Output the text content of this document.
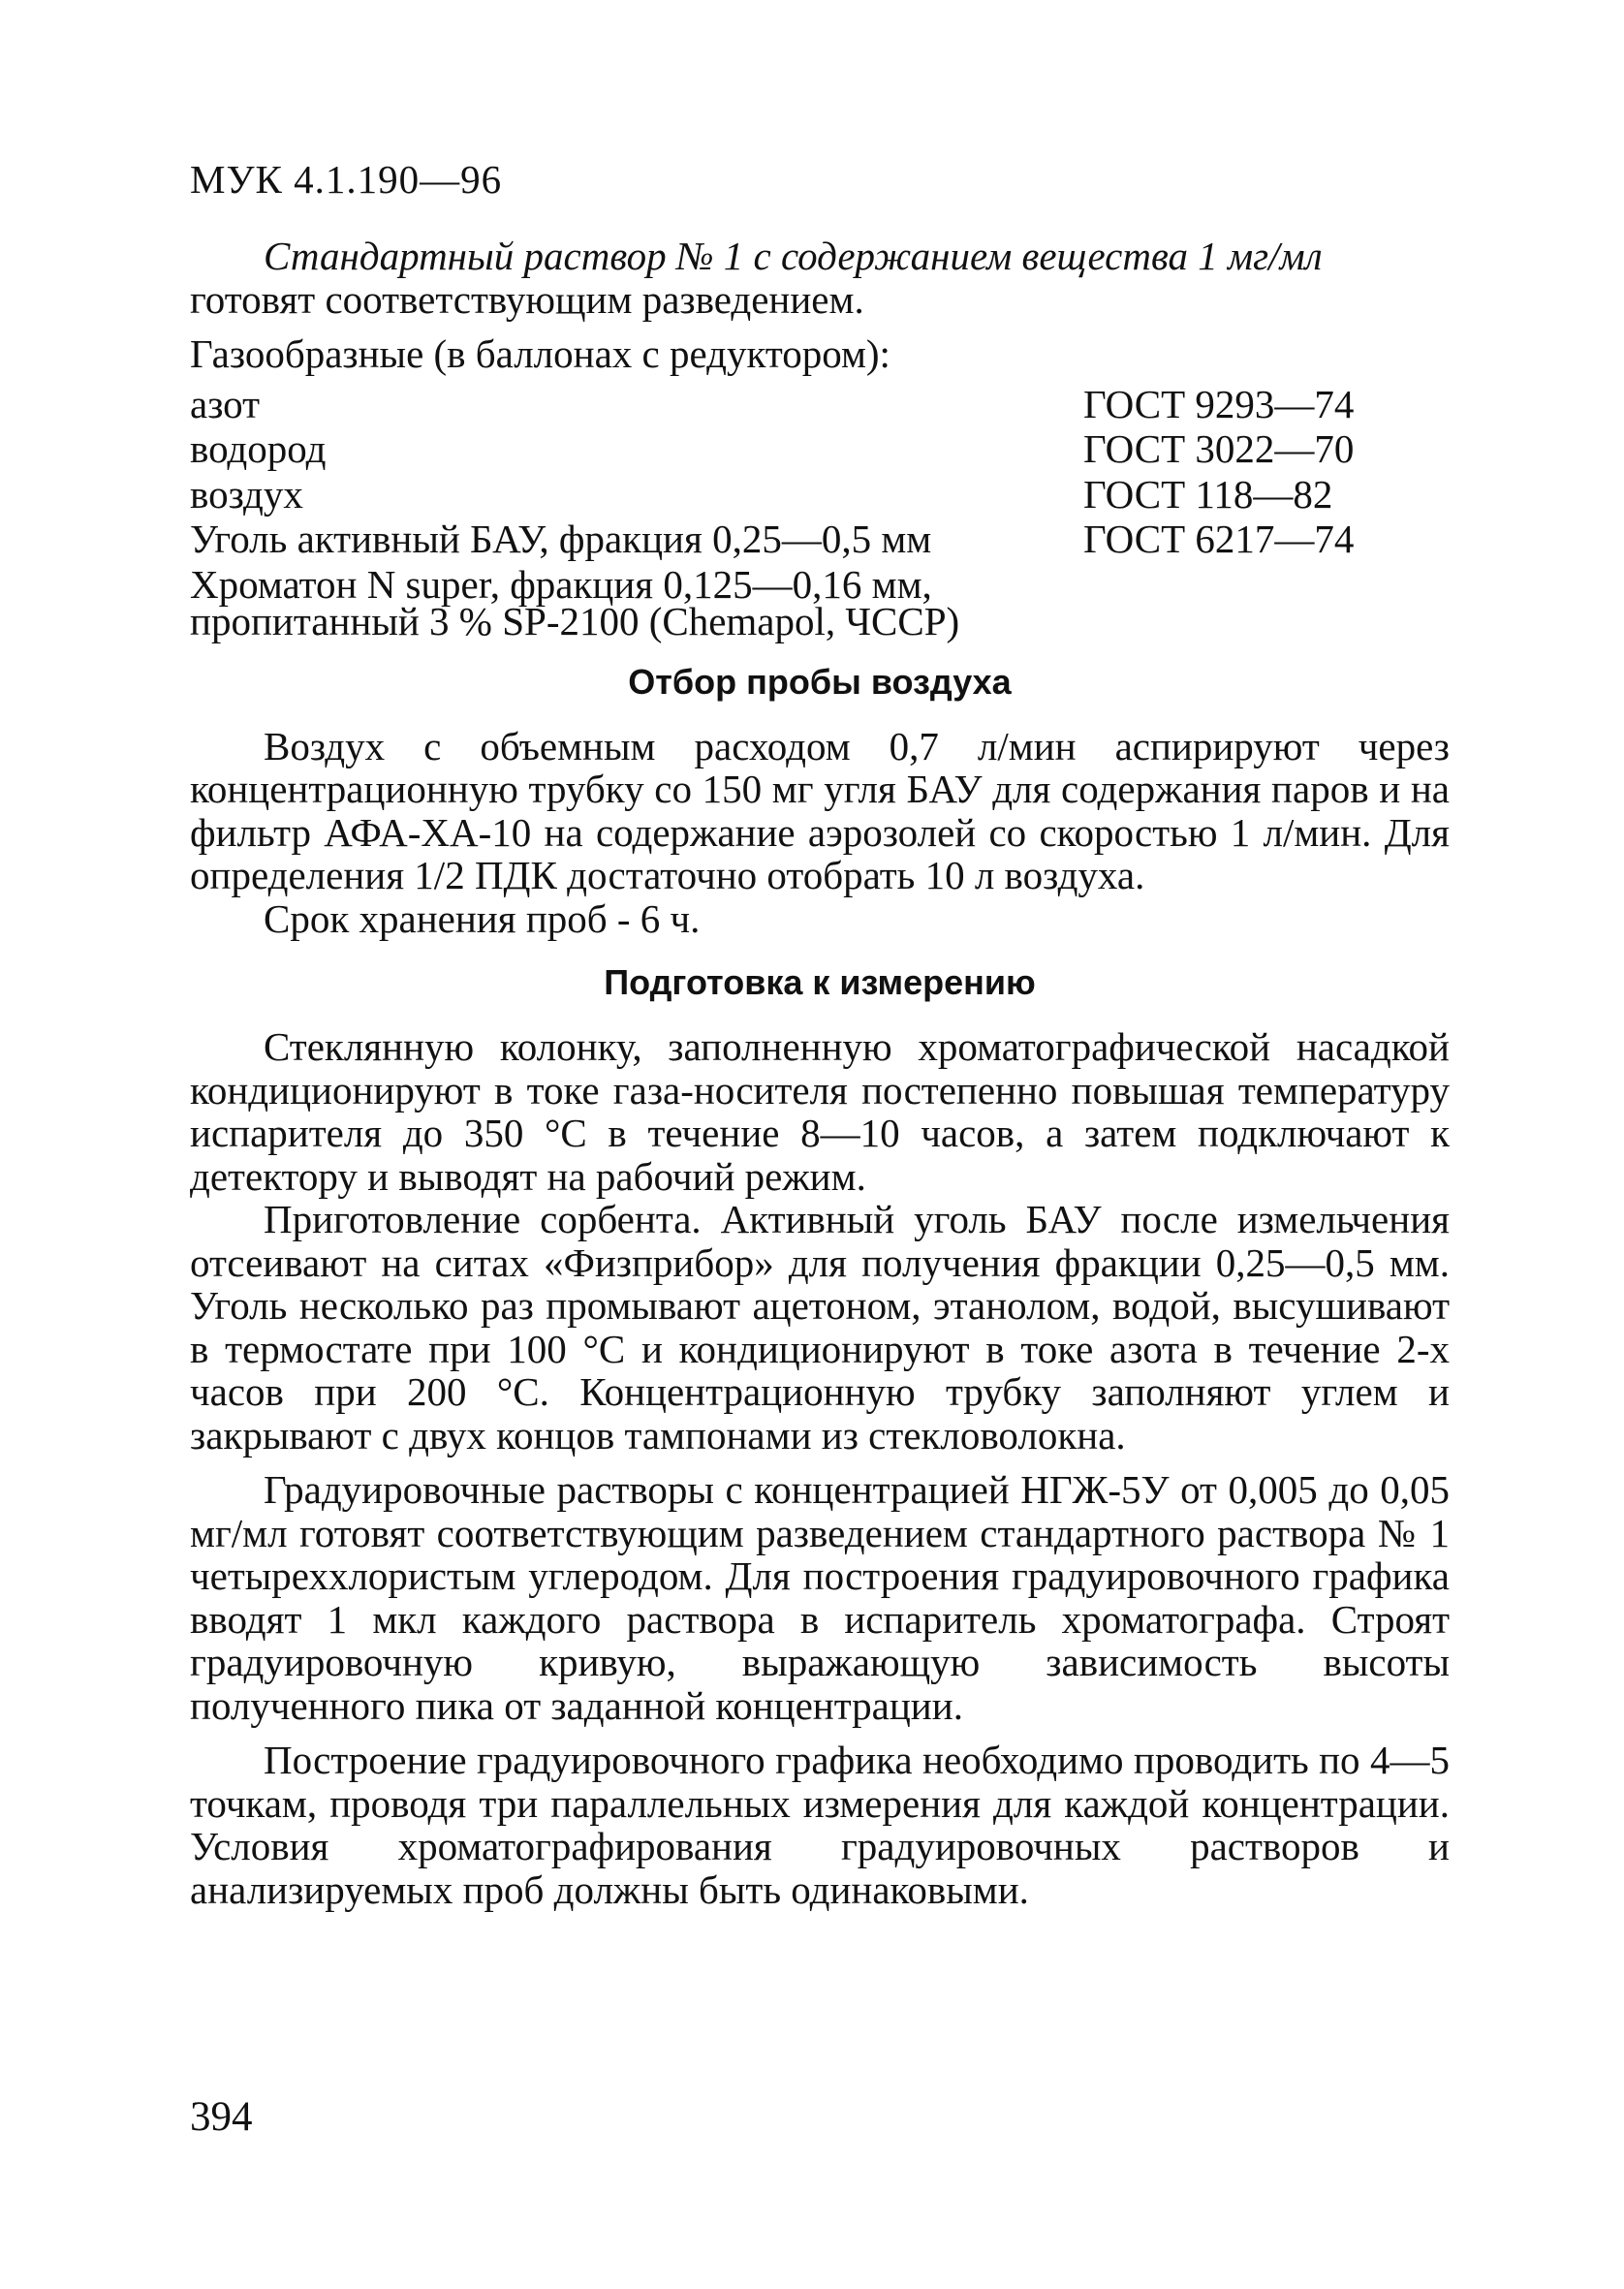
МУК 4.1.190—96

Стандартный раствор № 1 с содержанием вещества 1 мг/мл

готовят соответствующим разведением.

Газообразные (в баллонах с редуктором):

азот	ГОСТ 9293—74
водород	ГОСТ 3022—70
воздух	ГОСТ 118—82
Уголь активный БАУ, фракция 0,25—0,5 мм	ГОСТ 6217—74
Хроматон N super, фракция 0,125—0,16 мм,
пропитанный 3 % SP-2100 (Chemapol, ЧССР)
Отбор пробы воздуха

Воздух с объемным расходом 0,7 л/мин аспирируют через концентрационную трубку со 150 мг угля БАУ для содержания паров и на фильтр АФА-ХА-10 на содержание аэрозолей со скоростью 1 л/мин. Для определения 1/2 ПДК достаточно отобрать 10 л воздуха.

Срок хранения проб - 6 ч.

Подготовка к измерению

Стеклянную колонку, заполненную хроматографической насадкой кондиционируют в токе газа-носителя постепенно повышая температуру испарителя до 350 °С в течение 8—10 часов, а затем подключают к детектору и выводят на рабочий режим.

Приготовление сорбента. Активный уголь БАУ после измельчения отсеивают на ситах «Физприбор» для получения фракции 0,25—0,5 мм. Уголь несколько раз промывают ацетоном, этанолом, водой, высушивают в термостате при 100 °С и кондиционируют в токе азота в течение 2-х часов при 200 °С. Концентрационную трубку заполняют углем и закрывают с двух концов тампонами из стекловолокна.

Градуировочные растворы с концентрацией НГЖ-5У от 0,005 до 0,05 мг/мл готовят соответствующим разведением стандартного раствора № 1 четыреххлористым углеродом. Для построения градуировочного графика вводят 1 мкл каждого раствора в испаритель хроматографа. Строят градуировочную кривую, выражающую зависимость высоты полученного пика от заданной концентрации.

Построение градуировочного графика необходимо проводить по 4—5 точкам, проводя три параллельных измерения для каждой концентрации. Условия хроматографирования градуировочных растворов и анализируемых проб должны быть одинаковыми.

394
